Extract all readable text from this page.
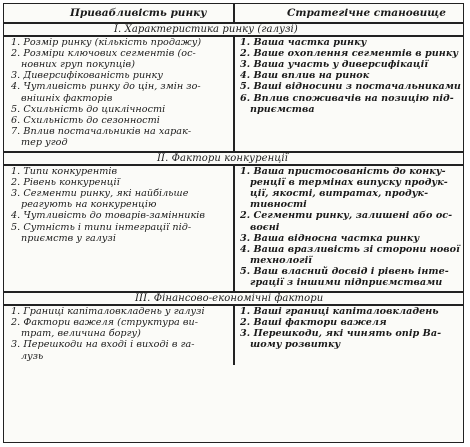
Привабливість ринку	Стратегічне становище
І. Характеристика ринку (галузі)
1. Розмір ринку (кількість продажу)
2. Розміри ключових сегментів (ос-
новних груп покупців)
3. Диверсифікованість ринку
4. Чутливість ринку до цін, змін зо-
внішніх факторів
5. Схильність до циклічності
6. Схильність до сезонності
7. Вплив постачальників на харак-
тер угод
1. Ваша частка ринку
2. Ваше охоплення сегментів в ринку
3. Ваша участь у диверсифікації
4. Ваш вплив на ринок
5. Ваші відносини з постачальниками
6. Вплив споживачів на позицію під-
приємства
II. Фактори конкуренції
1. Типи конкурентів
2. Рівень конкуренції
3. Сегменти ринку, які найбільше
реагують на конкуренцію
4. Чутливість до товарів-замінників
5. Сутність і типи інтеграції під-
приємств у галузі
1. Ваша пристосованість до конку-
ренції в термінах випуску продук-
ції, якості, витратах, продук-
тивності
2. Сегменти ринку, залишені або ос-
воєні
3. Ваша відносна частка ринку
4. Ваша вразливість зі сторони нової
технології
5. Ваш власний досвід і рівень інте-
грації з іншими підприємствами
III. Фінансово-економічні фактори
1. Границі капіталовкладень у галузі
2. Фактори важеля (структура ви-
трат, величина боргу)
3. Перешкоди на вході і виході в га-
лузь
1. Ваші границі капіталовкладень
2. Ваші фактори важеля
3. Перешкоди, які чинять опір Ва-
шому розвитку
